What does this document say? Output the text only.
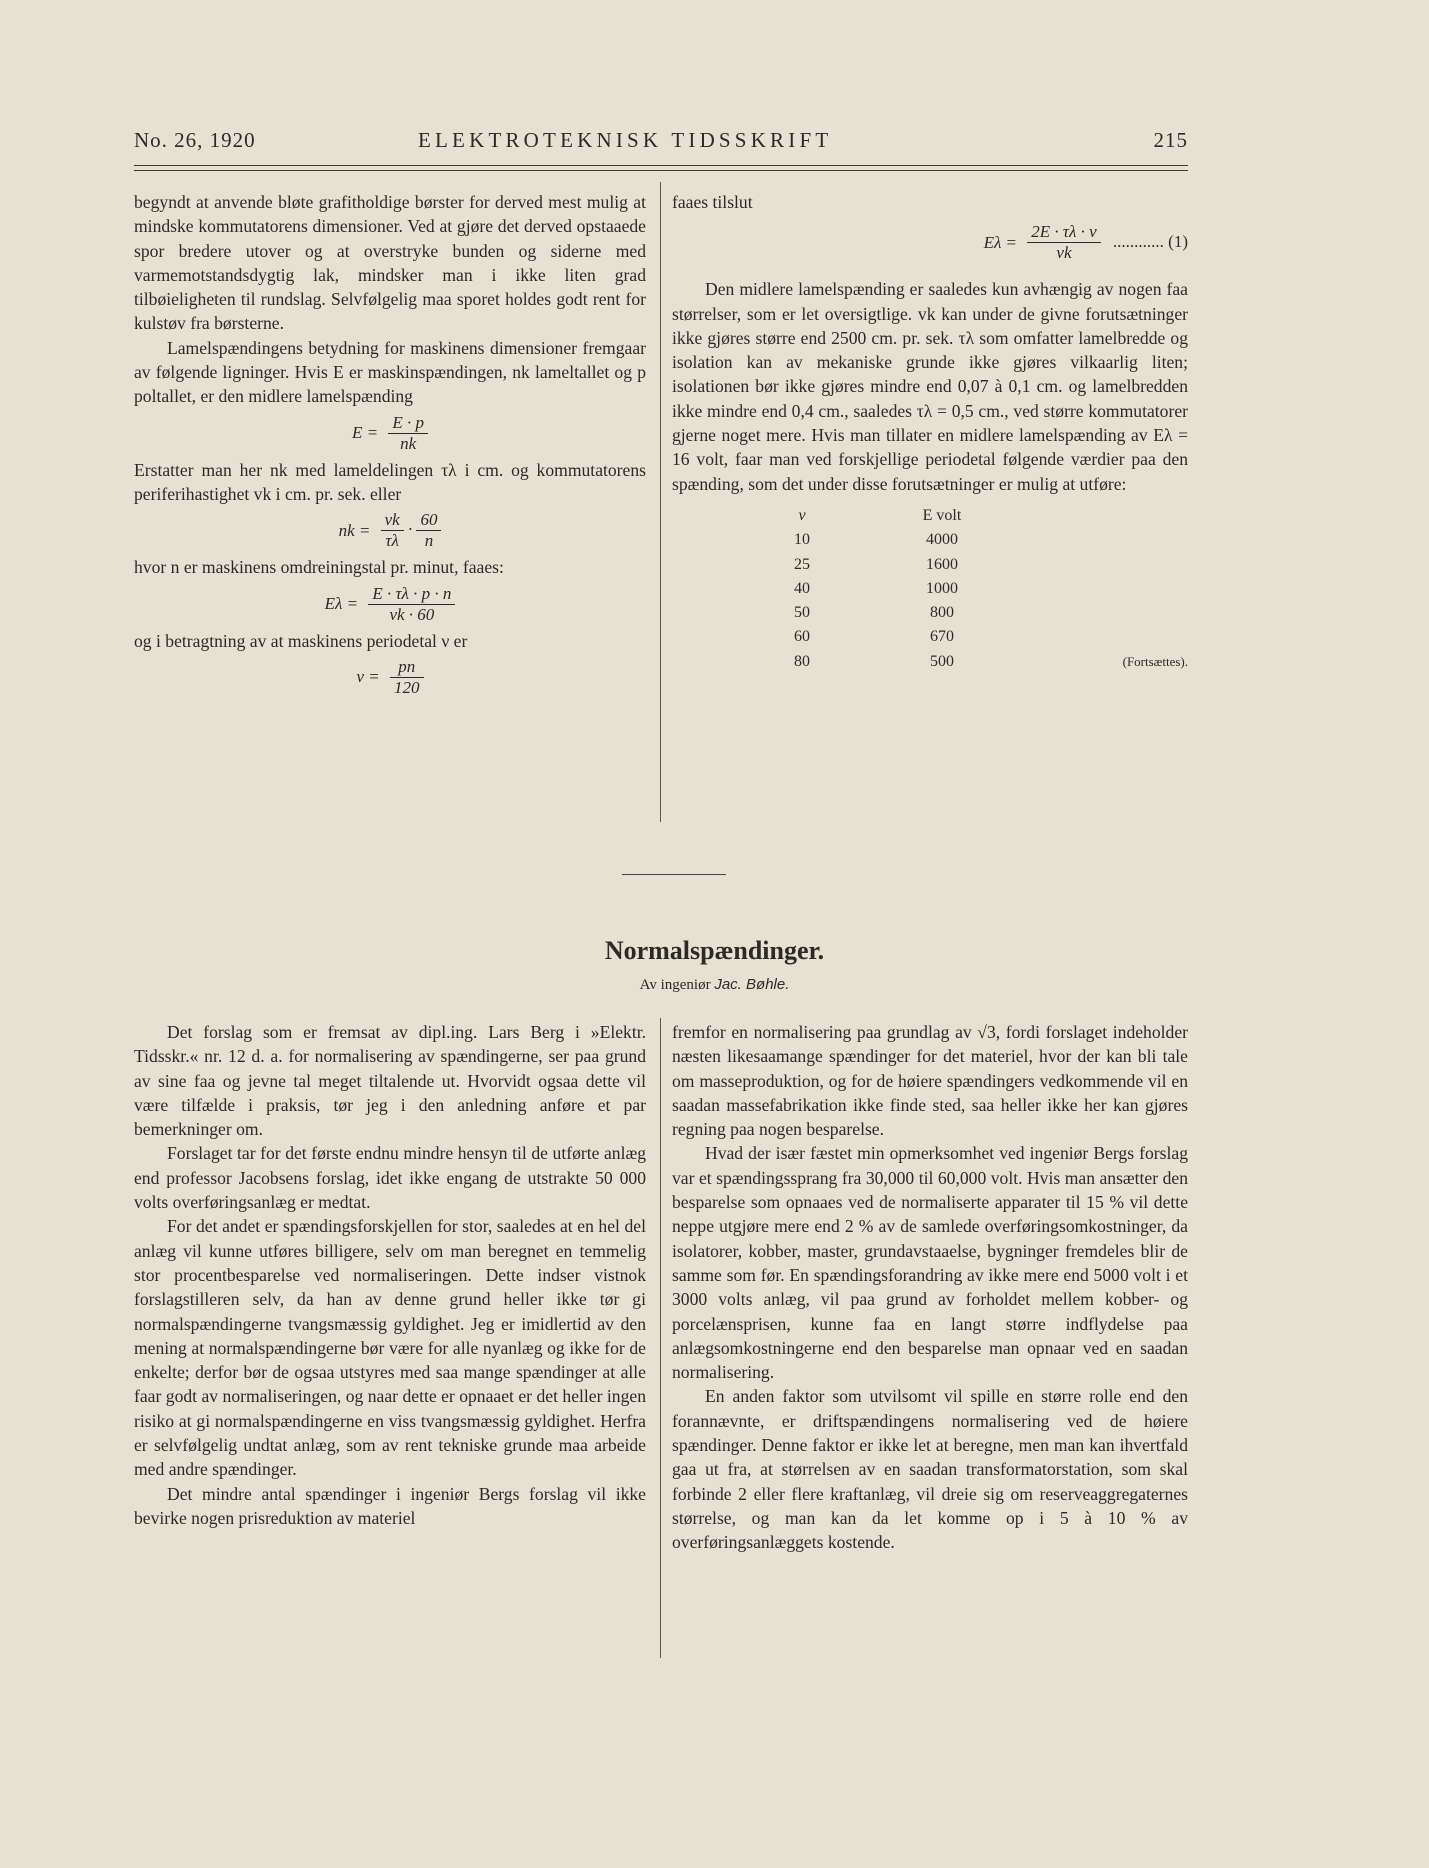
No. 26, 1920	ELEKTROTEKNISK TIDSSKRIFT	215

begyndt at anvende bløte grafitholdige børster for derved mest mulig at mindske kommutatorens dimensioner. Ved at gjøre det derved opstaaede spor bredere utover og at overstryke bunden og siderne med varmemotstandsdygtig lak, mindsker man i ikke liten grad tilbøieligheten til rundslag. Selvfølgelig maa sporet holdes godt rent for kulstøv fra børsterne.

Lamelspændingens betydning for maskinens dimensioner fremgaar av følgende ligninger. Hvis E er maskinspændingen, nk lameltallet og p poltallet, er den midlere lamelspænding

$E = \frac{E \cdot p}{nk}$

Erstatter man her nk med lameldelingen τλ i cm. og kommutatorens periferihastighet vk i cm. pr. sek. eller

nk = $\frac{vk}{\tau\lambda} \cdot \frac{60}{n}$

hvor n er maskinens omdreiningstal pr. minut, faaes:

$E\lambda = \frac{E \cdot \tau\lambda \cdot p \cdot n}{vk \cdot 60}$

og i betragtning av at maskinens periodetal ν er

$\nu = \frac{pn}{120}$

faaes tilslut

$E\lambda = \frac{2E \cdot \tau\lambda \cdot \nu}{vk}$ ............ (1)

Den midlere lamelspænding er saaledes kun avhængig av nogen faa størrelser, som er let oversigtlige. vk kan under de givne forutsætninger ikke gjøres større end 2500 cm. pr. sek. τλ som omfatter lamelbredde og isolation kan av mekaniske grunde ikke gjøres vilkaarlig liten; isolationen bør ikke gjøres mindre end 0,07 à 0,1 cm. og lamelbredden ikke mindre end 0,4 cm., saaledes τλ = 0,5 cm., ved større kommutatorer gjerne noget mere. Hvis man tillater en midlere lamelspænding av Eλ = 16 volt, faar man ved forskjellige periodetal følgende værdier paa den spænding, som det under disse forutsætninger er mulig at utføre:

ν	E volt	
10	4000	
25	1600	
40	1000	
50	800	
60	670	
80	500	(Fortsættes).
Normalspændinger.
Av ingeniør Jac. Bøhle.

Det forslag som er fremsat av dipl.ing. Lars Berg i »Elektr. Tidsskr.« nr. 12 d. a. for normalisering av spændingerne, ser paa grund av sine faa og jevne tal meget tiltalende ut. Hvorvidt ogsaa dette vil være tilfælde i praksis, tør jeg i den anledning anføre et par bemerkninger om.

Forslaget tar for det første endnu mindre hensyn til de utførte anlæg end professor Jacobsens forslag, idet ikke engang de utstrakte 50 000 volts overføringsanlæg er medtat.

For det andet er spændingsforskjellen for stor, saaledes at en hel del anlæg vil kunne utføres billigere, selv om man beregnet en temmelig stor procentbesparelse ved normaliseringen. Dette indser vistnok forslagstilleren selv, da han av denne grund heller ikke tør gi normalspændingerne tvangsmæssig gyldighet. Jeg er imidlertid av den mening at normalspændingerne bør være for alle nyanlæg og ikke for de enkelte; derfor bør de ogsaa utstyres med saa mange spændinger at alle faar godt av normaliseringen, og naar dette er opnaaet er det heller ingen risiko at gi normalspændingerne en viss tvangsmæssig gyldighet. Herfra er selvfølgelig undtat anlæg, som av rent tekniske grunde maa arbeide med andre spændinger.

Det mindre antal spændinger i ingeniør Bergs forslag vil ikke bevirke nogen prisreduktion av materiel

fremfor en normalisering paa grundlag av √3, fordi forslaget indeholder næsten likesaamange spændinger for det materiel, hvor der kan bli tale om masseproduktion, og for de høiere spændingers vedkommende vil en saadan massefabrikation ikke finde sted, saa heller ikke her kan gjøres regning paa nogen besparelse.

Hvad der især fæstet min opmerksomhet ved ingeniør Bergs forslag var et spændingssprang fra 30,000 til 60,000 volt. Hvis man ansætter den besparelse som opnaaes ved de normaliserte apparater til 15 % vil dette neppe utgjøre mere end 2 % av de samlede overføringsomkostninger, da isolatorer, kobber, master, grundavstaaelse, bygninger fremdeles blir de samme som før. En spændingsforandring av ikke mere end 5000 volt i et 3000 volts anlæg, vil paa grund av forholdet mellem kobber- og porcelænsprisen, kunne faa en langt større indflydelse paa anlægsomkostningerne end den besparelse man opnaar ved en saadan normalisering.

En anden faktor som utvilsomt vil spille en større rolle end den forannævnte, er driftspændingens normalisering ved de høiere spændinger. Denne faktor er ikke let at beregne, men man kan ihvertfald gaa ut fra, at størrelsen av en saadan transformatorstation, som skal forbinde 2 eller flere kraftanlæg, vil dreie sig om reserveaggregaternes størrelse, og man kan da let komme op i 5 à 10 % av overføringsanlæggets kostende.
